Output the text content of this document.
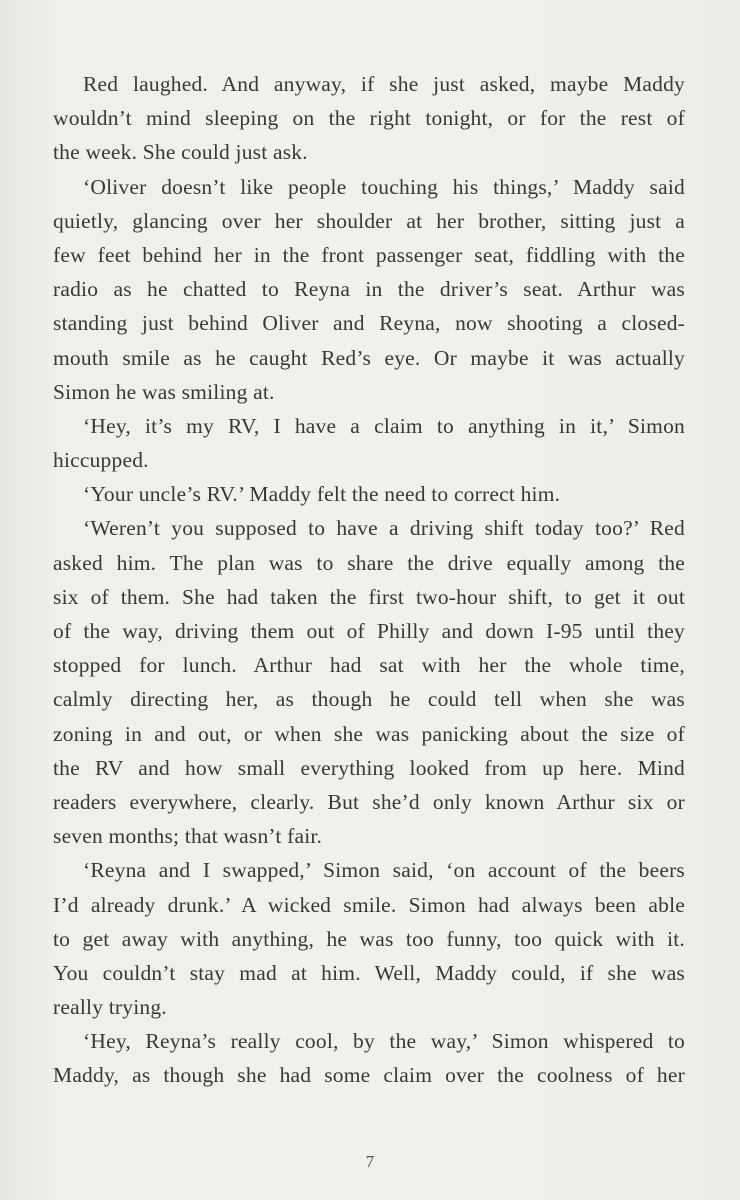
Red laughed. And anyway, if she just asked, maybe Maddy
wouldn’t mind sleeping on the right tonight, or for the rest of
the week. She could just ask.
‘Oliver doesn’t like people touching his things,’ Maddy said
quietly, glancing over her shoulder at her brother, sitting just a
few feet behind her in the front passenger seat, fiddling with the
radio as he chatted to Reyna in the driver’s seat. Arthur was
standing just behind Oliver and Reyna, now shooting a closed-
mouth smile as he caught Red’s eye. Or maybe it was actually
Simon he was smiling at.
‘Hey, it’s my RV, I have a claim to anything in it,’ Simon
hiccupped.
‘Your uncle’s RV.’ Maddy felt the need to correct him.
‘Weren’t you supposed to have a driving shift today too?’ Red
asked him. The plan was to share the drive equally among the
six of them. She had taken the first two-hour shift, to get it out
of the way, driving them out of Philly and down I-95 until they
stopped for lunch. Arthur had sat with her the whole time,
calmly directing her, as though he could tell when she was
zoning in and out, or when she was panicking about the size of
the RV and how small everything looked from up here. Mind
readers everywhere, clearly. But she’d only known Arthur six or
seven months; that wasn’t fair.
‘Reyna and I swapped,’ Simon said, ‘on account of the beers
I’d already drunk.’ A wicked smile. Simon had always been able
to get away with anything, he was too funny, too quick with it.
You couldn’t stay mad at him. Well, Maddy could, if she was
really trying.
‘Hey, Reyna’s really cool, by the way,’ Simon whispered to
Maddy, as though she had some claim over the coolness of her
7
